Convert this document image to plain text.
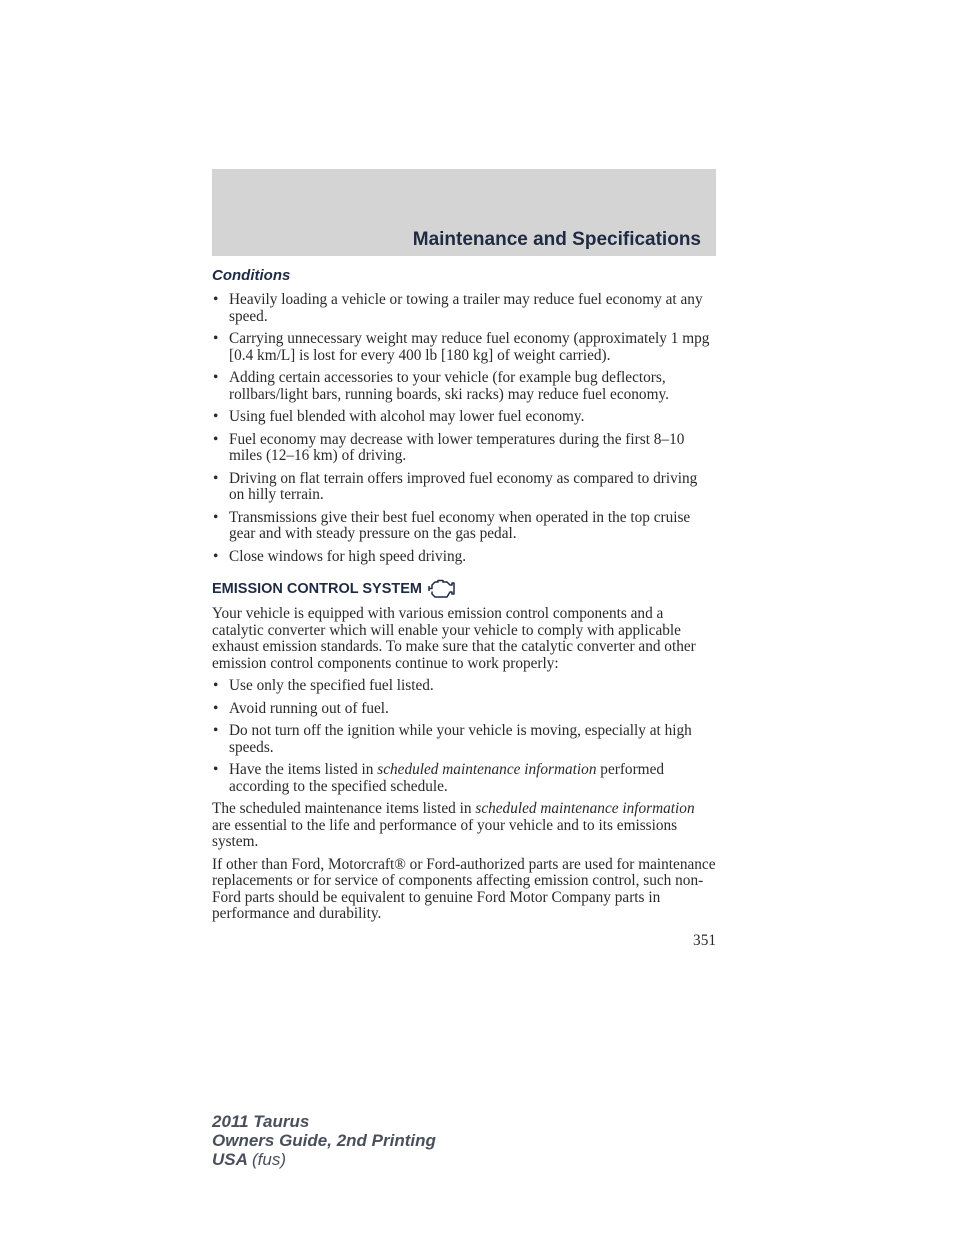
Maintenance and Specifications
Conditions
• Heavily loading a vehicle or towing a trailer may reduce fuel economy at any speed.
• Carrying unnecessary weight may reduce fuel economy (approximately 1 mpg [0.4 km/L] is lost for every 400 lb [180 kg] of weight carried).
• Adding certain accessories to your vehicle (for example bug deflectors, rollbars/light bars, running boards, ski racks) may reduce fuel economy.
• Using fuel blended with alcohol may lower fuel economy.
• Fuel economy may decrease with lower temperatures during the first 8–10 miles (12–16 km) of driving.
• Driving on flat terrain offers improved fuel economy as compared to driving on hilly terrain.
• Transmissions give their best fuel economy when operated in the top cruise gear and with steady pressure on the gas pedal.
• Close windows for high speed driving.
EMISSION CONTROL SYSTEM

Your vehicle is equipped with various emission control components and a catalytic converter which will enable your vehicle to comply with applicable exhaust emission standards. To make sure that the catalytic converter and other emission control components continue to work properly:

• Use only the specified fuel listed.
• Avoid running out of fuel.
• Do not turn off the ignition while your vehicle is moving, especially at high speeds.
• Have the items listed in scheduled maintenance information performed according to the specified schedule.

The scheduled maintenance items listed in scheduled maintenance information are essential to the life and performance of your vehicle and to its emissions system.

If other than Ford, Motorcraft® or Ford-authorized parts are used for maintenance replacements or for service of components affecting emission control, such non-Ford parts should be equivalent to genuine Ford Motor Company parts in performance and durability.

351
2011 Taurus
Owners Guide, 2nd Printing
USA (fus)
